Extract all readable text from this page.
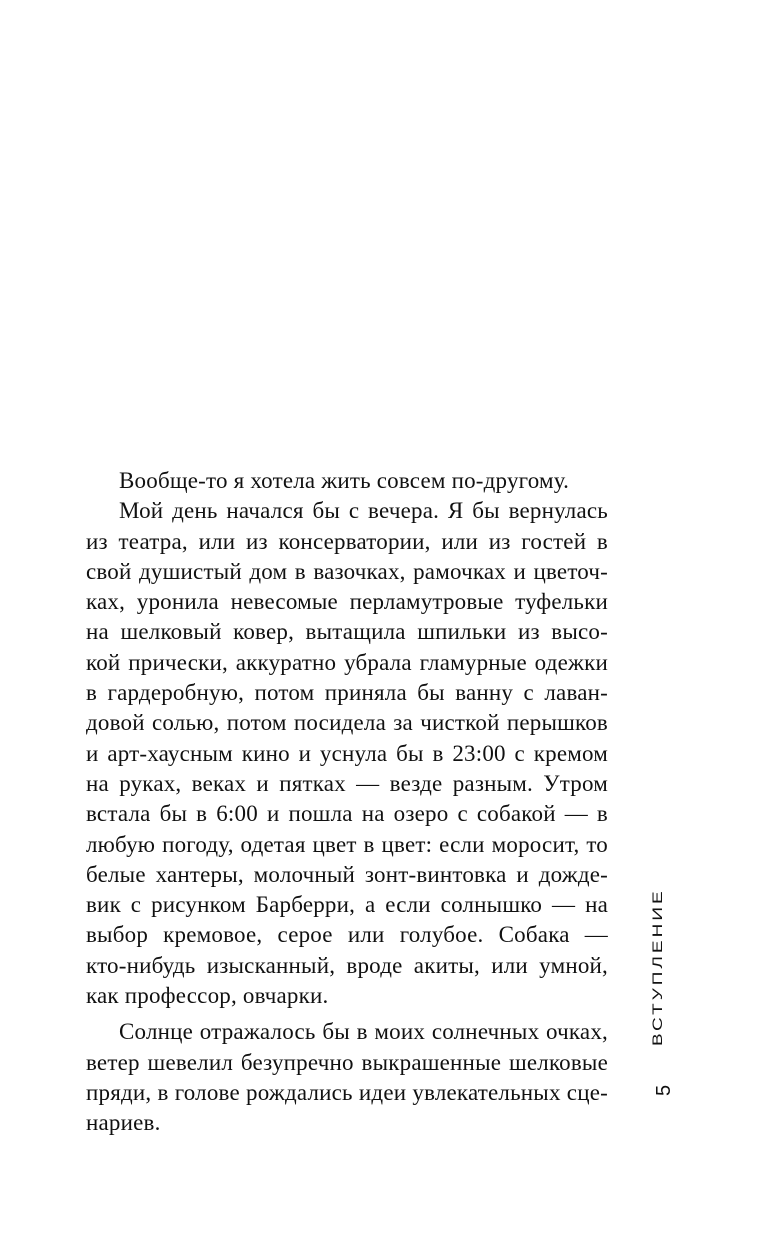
Вообще-то я хотела жить совсем по-другому.
Мой день начался бы с вечера. Я бы вернулась
из театра, или из консерватории, или из гостей в
свой душистый дом в вазочках, рамочках и цветоч-
ках, уронила невесомые перламутровые туфельки
на шелковый ковер, вытащила шпильки из высо-
кой прически, аккуратно убрала гламурные одежки
в гардеробную, потом приняла бы ванну с лаван-
довой солью, потом посидела за чисткой перышков
и арт-хаусным кино и уснула бы в 23:00 с кремом
на руках, веках и пятках — везде разным. Утром
встала бы в 6:00 и пошла на озеро с собакой — в
любую погоду, одетая цвет в цвет: если моросит, то
белые хантеры, молочный зонт-винтовка и дожде-
вик с рисунком Барберри, а если солнышко — на
выбор кремовое, серое или голубое. Собака —
кто-нибудь изысканный, вроде акиты, или умной,
как профессор, овчарки.
Солнце отражалось бы в моих солнечных очках,
ветер шевелил безупречно выкрашенные шелковые
пряди, в голове рождались идеи увлекательных сце-
нариев.
ВСТУПЛЕНИЕ
5
